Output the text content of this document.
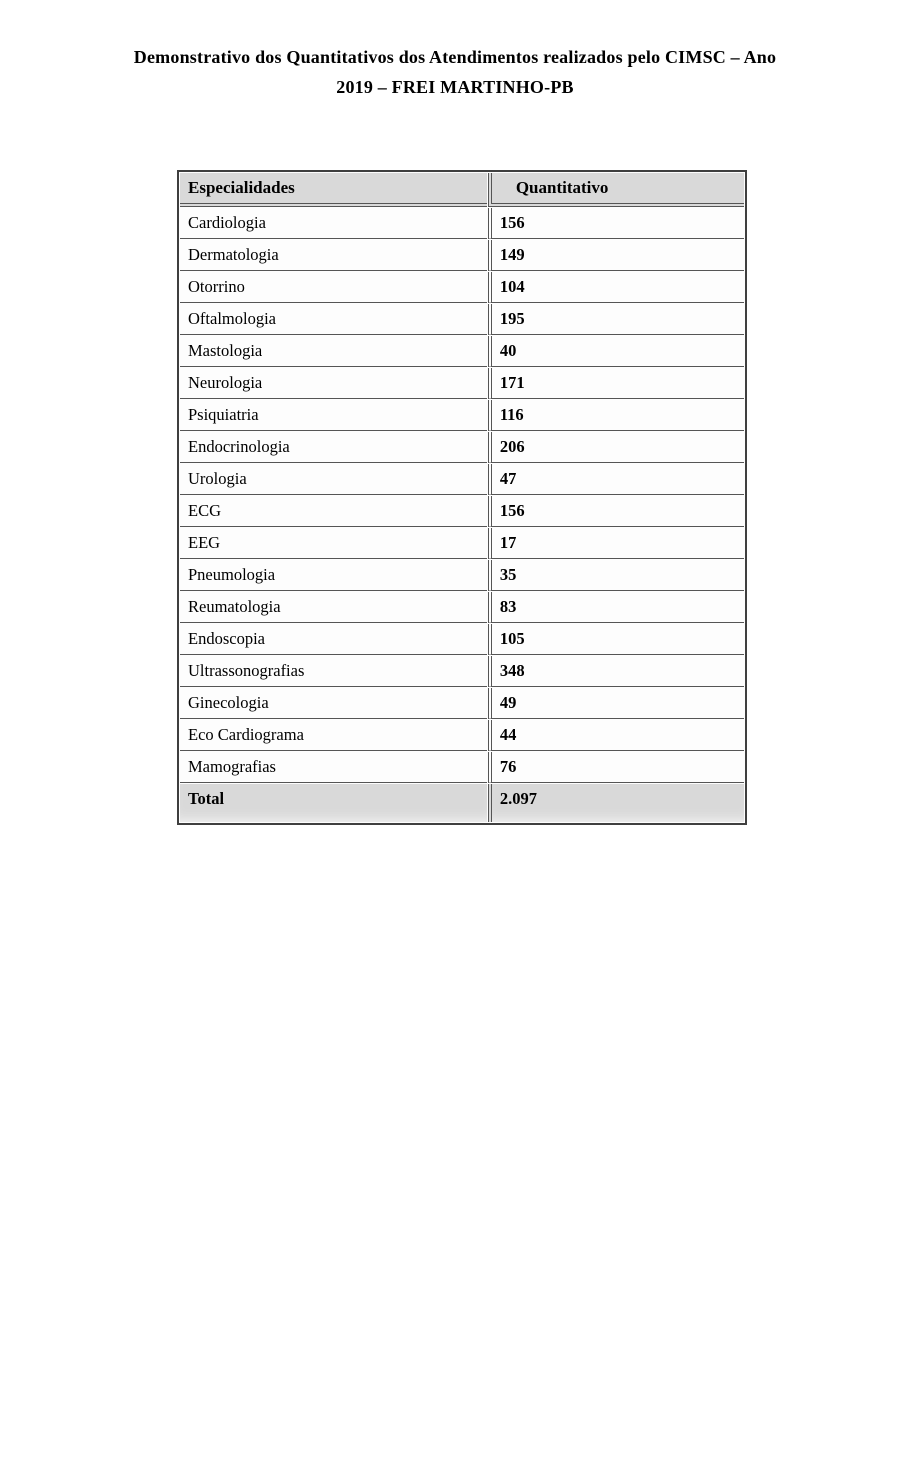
Demonstrativo dos Quantitativos dos Atendimentos realizados pelo CIMSC – Ano
2019 – FREI MARTINHO-PB
Especialidades	Quantitativo
Cardiologia	156
Dermatologia	149
Otorrino	104
Oftalmologia	195
Mastologia	40
Neurologia	171
Psiquiatria	116
Endocrinologia	206
Urologia	47
ECG	156
EEG	17
Pneumologia	35
Reumatologia	83
Endoscopia	105
Ultrassonografias	348
Ginecologia	49
Eco Cardiograma	44
Mamografias	76
Total	2.097
